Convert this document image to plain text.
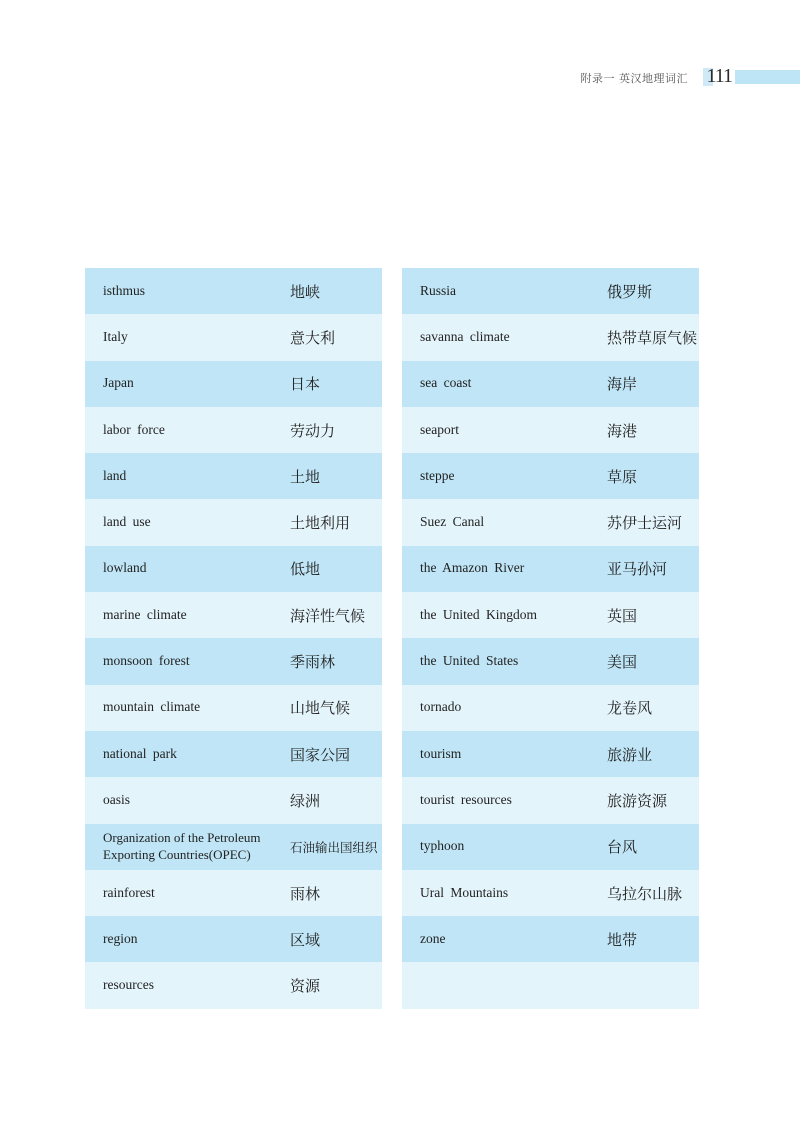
附录一 英汉地理词汇 111
isthmus	地峡
Italy	意大利
Japan	日本
labor force	劳动力
land	土地
land use	土地利用
lowland	低地
marine climate	海洋性气候
monsoon forest	季雨林
mountain climate	山地气候
national park	国家公园
oasis	绿洲
Organization of the Petroleum Exporting Countries(OPEC)	石油输出国组织
rainforest	雨林
region	区域
resources	资源
Russia	俄罗斯
savanna climate	热带草原气候
sea coast	海岸
seaport	海港
steppe	草原
Suez Canal	苏伊士运河
the Amazon River	亚马孙河
the United Kingdom	英国
the United States	美国
tornado	龙卷风
tourism	旅游业
tourist resources	旅游资源
typhoon	台风
Ural Mountains	乌拉尔山脉
zone	地带
